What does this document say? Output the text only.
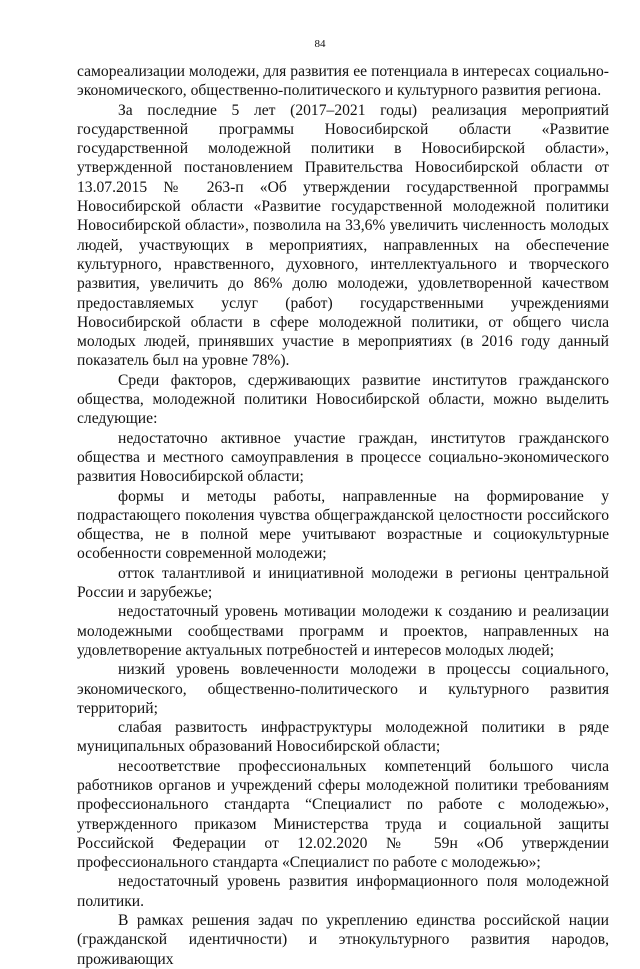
84

самореализации молодежи, для развития ее потенциала в интересах социально-экономического, общественно-политического и культурного развития региона.

За последние 5 лет (2017–2021 годы) реализация мероприятий государственной программы Новосибирской области «Развитие государственной молодежной политики в Новосибирской области», утвержденной постановлением Правительства Новосибирской области от 13.07.2015 № 263-п «Об утверждении государственной программы Новосибирской области «Развитие государственной молодежной политики Новосибирской области», позволила на 33,6% увеличить численность молодых людей, участвующих в мероприятиях, направленных на обеспечение культурного, нравственного, духовного, интеллектуального и творческого развития, увеличить до 86% долю молодежи, удовлетворенной качеством предоставляемых услуг (работ) государственными учреждениями Новосибирской области в сфере молодежной политики, от общего числа молодых людей, принявших участие в мероприятиях (в 2016 году данный показатель был на уровне 78%).

Среди факторов, сдерживающих развитие институтов гражданского общества, молодежной политики Новосибирской области, можно выделить следующие:

недостаточно активное участие граждан, институтов гражданского общества и местного самоуправления в процессе социально-экономического развития Новосибирской области;

формы и методы работы, направленные на формирование у подрастающего поколения чувства общегражданской целостности российского общества, не в полной мере учитывают возрастные и социокультурные особенности современной молодежи;

отток талантливой и инициативной молодежи в регионы центральной России и зарубежье;

недостаточный уровень мотивации молодежи к созданию и реализации молодежными сообществами программ и проектов, направленных на удовлетворение актуальных потребностей и интересов молодых людей;

низкий уровень вовлеченности молодежи в процессы социального, экономического, общественно-политического и культурного развития территорий;

слабая развитость инфраструктуры молодежной политики в ряде муниципальных образований Новосибирской области;

несоответствие профессиональных компетенций большого числа работников органов и учреждений сферы молодежной политики требованиям профессионального стандарта “Специалист по работе с молодежью», утвержденного приказом Министерства труда и социальной защиты Российской Федерации от 12.02.2020 № 59н «Об утверждении профессионального стандарта «Специалист по работе с молодежью»;

недостаточный уровень развития информационного поля молодежной политики.

В рамках решения задач по укреплению единства российской нации (гражданской идентичности) и этнокультурного развития народов, проживающих
